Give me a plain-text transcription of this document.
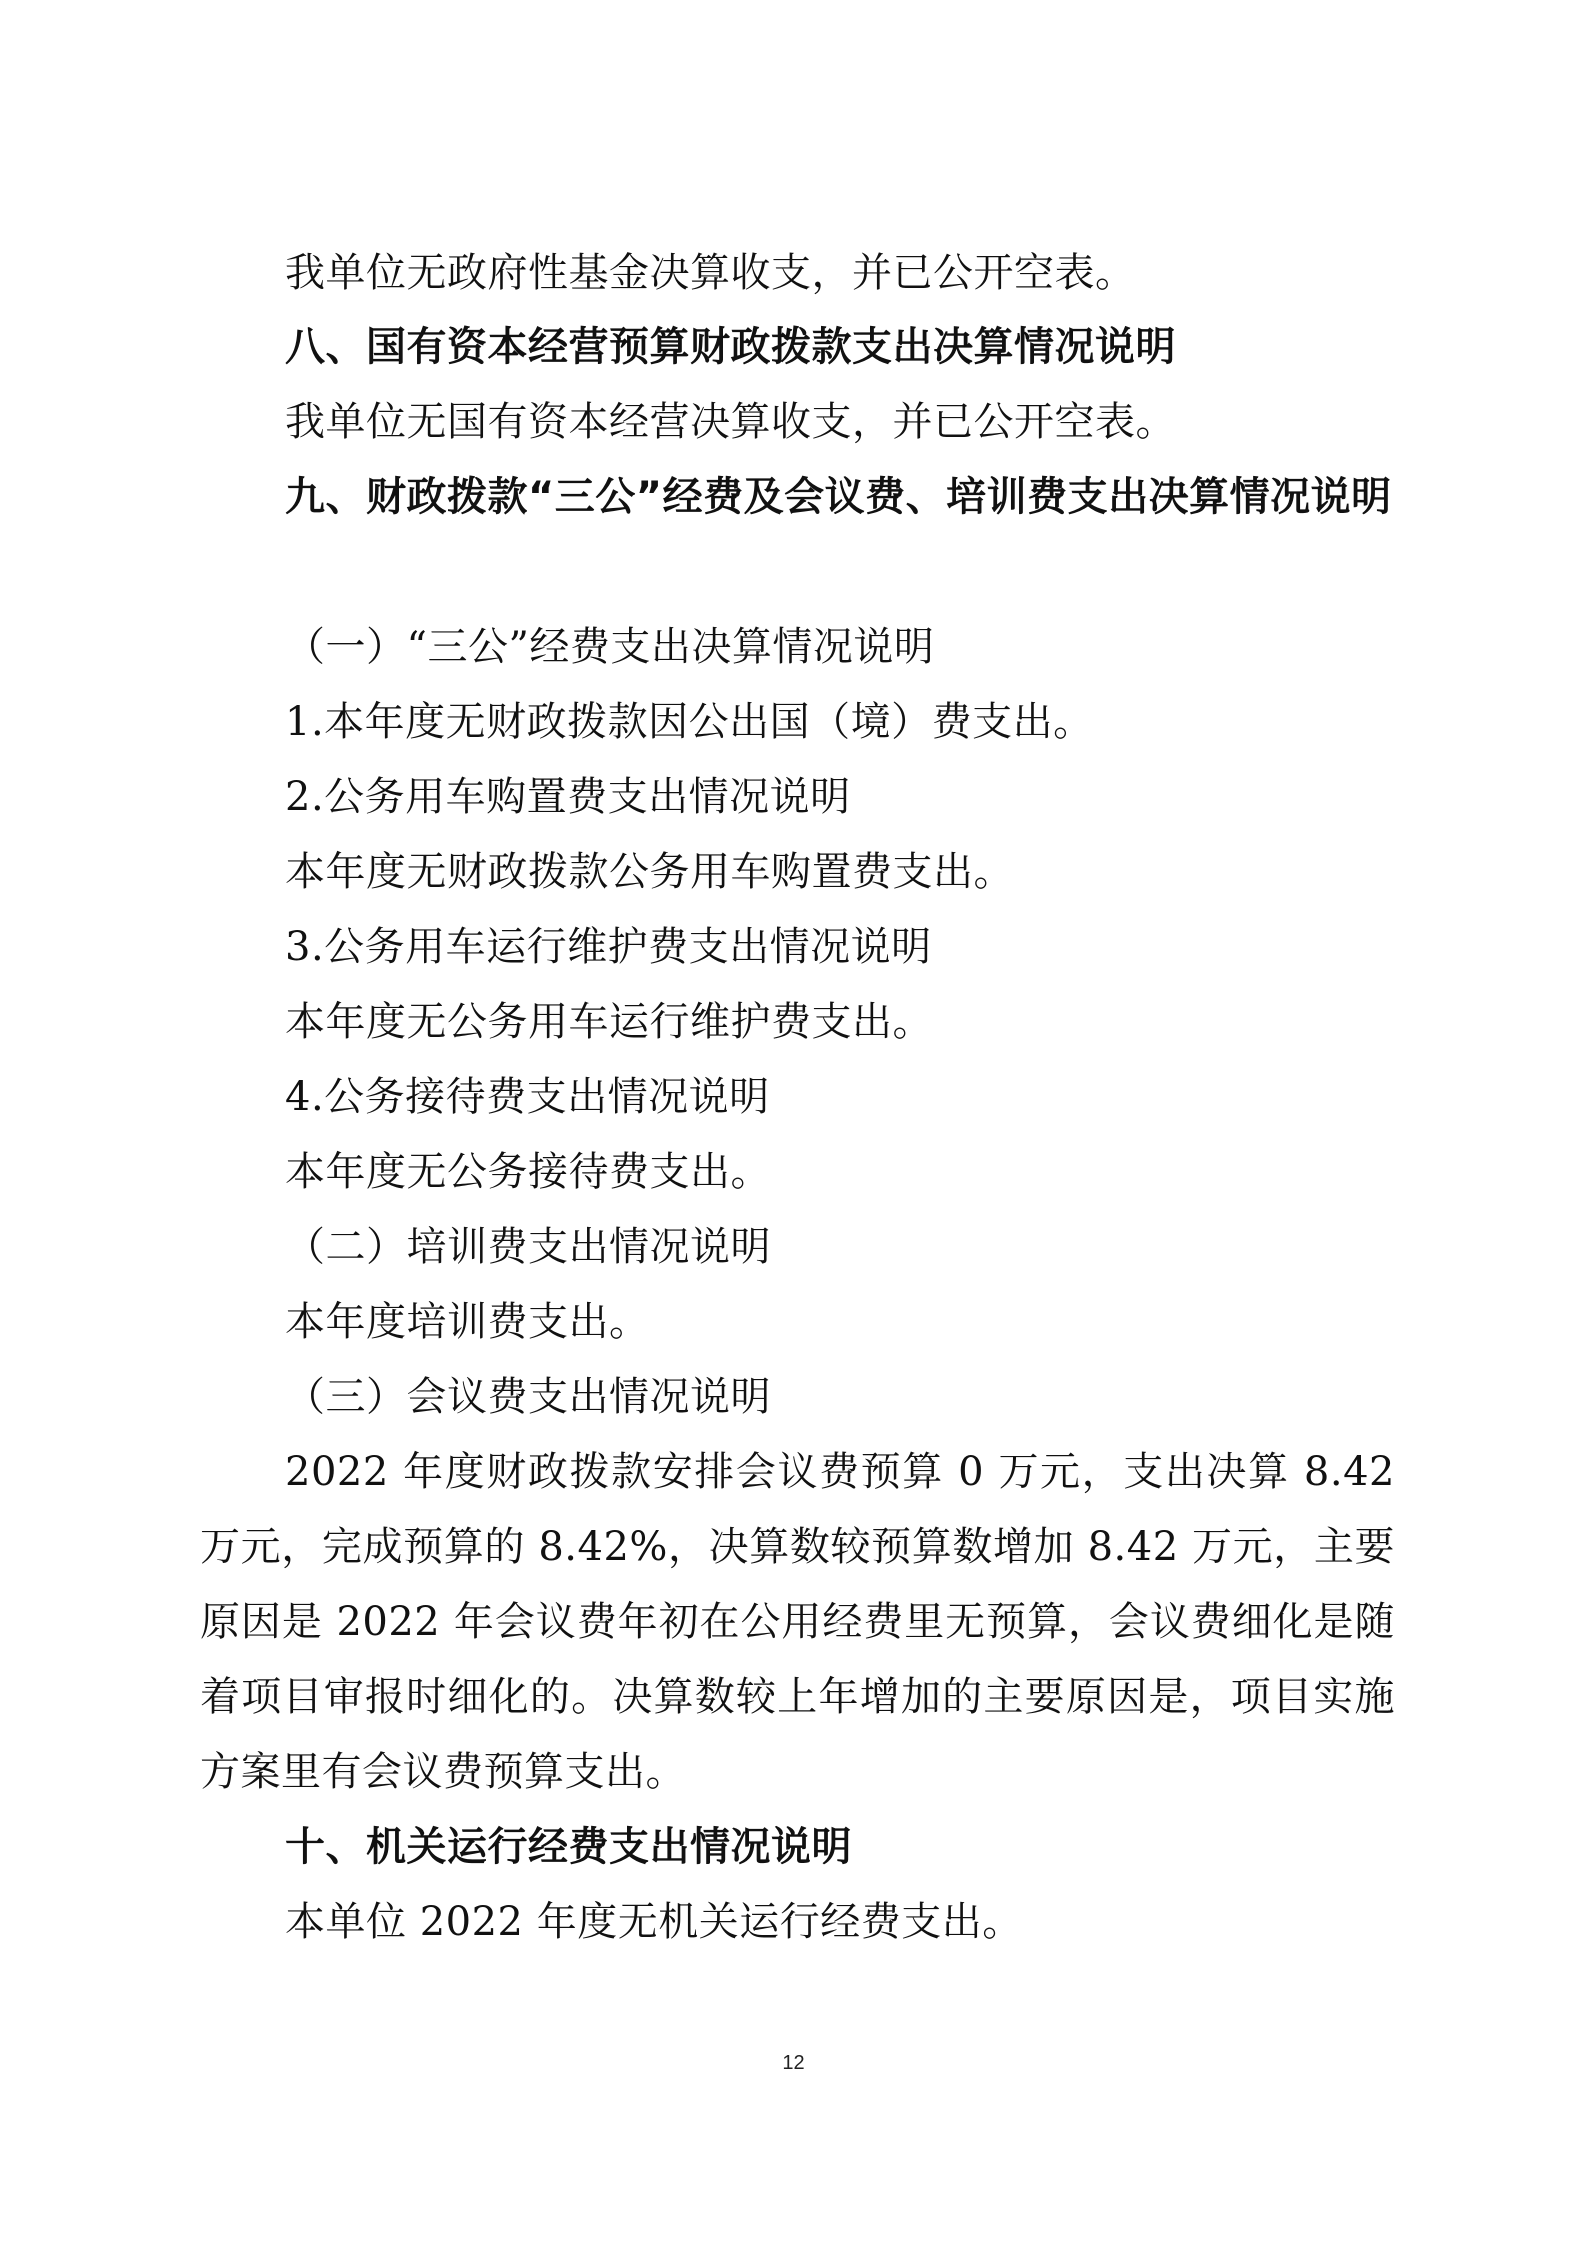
我单位无政府性基金决算收支，并已公开空表。
八、国有资本经营预算财政拨款支出决算情况说明
我单位无国有资本经营决算收支，并已公开空表。
九、财政拨款“三公”经费及会议费、培训费支出决算情况说明
（一）“三公”经费支出决算情况说明
1.本年度无财政拨款因公出国（境）费支出。
2.公务用车购置费支出情况说明
本年度无财政拨款公务用车购置费支出。
3.公务用车运行维护费支出情况说明
本年度无公务用车运行维护费支出。
4.公务接待费支出情况说明
本年度无公务接待费支出。
（二）培训费支出情况说明
本年度培训费支出。
（三）会议费支出情况说明
2022 年度财政拨款安排会议费预算 0 万元，支出决算 8.42 万元，完成预算的 8.42%，决算数较预算数增加 8.42 万元，主要原因是 2022 年会议费年初在公用经费里无预算，会议费细化是随着项目审报时细化的。决算数较上年增加的主要原因是，项目实施方案里有会议费预算支出。
十、机关运行经费支出情况说明
本单位 2022 年度无机关运行经费支出。
12
